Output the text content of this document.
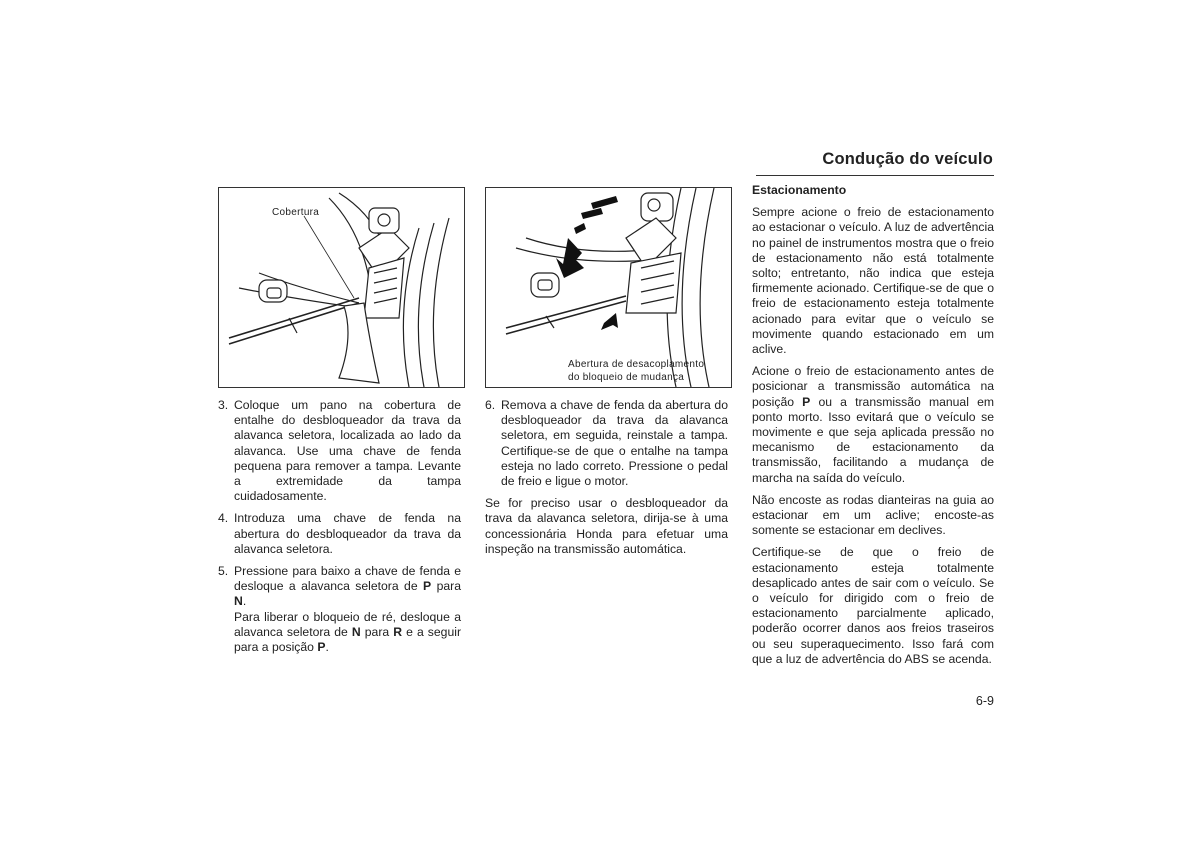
Condução do veículo
Cobertura
Abertura de desacoplamento
do bloqueio de mudança
3. Coloque um pano na cobertura de entalhe do desbloqueador da trava da alavanca seletora, localizada ao lado da alavanca. Use uma chave de fenda pequena para remover a tampa. Levante a extremidade da tampa cuidadosamente.

4. Introduza uma chave de fenda na abertura do desbloqueador da trava da alavanca seletora.

5. Pressione para baixo a chave de fenda e desloque a alavanca seletora de P para N.

Para liberar o bloqueio de ré, desloque a alavanca seletora de N para R e a seguir para a posição P.

6. Remova a chave de fenda da abertura do desbloqueador da trava da alavanca seletora, em seguida, reinstale a tampa. Certifique-se de que o entalhe na tampa esteja no lado correto. Pressione o pedal de freio e ligue o motor.

Se for preciso usar o desbloqueador da trava da alavanca seletora, dirija-se à uma concessionária Honda para efetuar uma inspeção na transmissão automática.

Estacionamento

Sempre acione o freio de estacionamento ao estacionar o veículo. A luz de advertência no painel de instrumentos mostra que o freio de estacionamento não está totalmente solto; entretanto, não indica que esteja firmemente acionado. Certifique-se de que o freio de estacionamento esteja totalmente acionado para evitar que o veículo se movimente quando estacionado em um aclive.

Acione o freio de estacionamento antes de posicionar a transmissão automática na posição P ou a transmissão manual em ponto morto. Isso evitará que o veículo se movimente e que seja aplicada pressão no mecanismo de estacionamento da transmissão, facilitando a mudança de marcha na saída do veículo.

Não encoste as rodas dianteiras na guia ao estacionar em um aclive; encoste-as somente se estacionar em declives.

Certifique-se de que o freio de estacionamento esteja totalmente desaplicado antes de sair com o veículo. Se o veículo for dirigido com o freio de estacionamento parcialmente aplicado, poderão ocorrer danos aos freios traseiros ou seu superaquecimento. Isso fará com que a luz de advertência do ABS se acenda.

6-9
